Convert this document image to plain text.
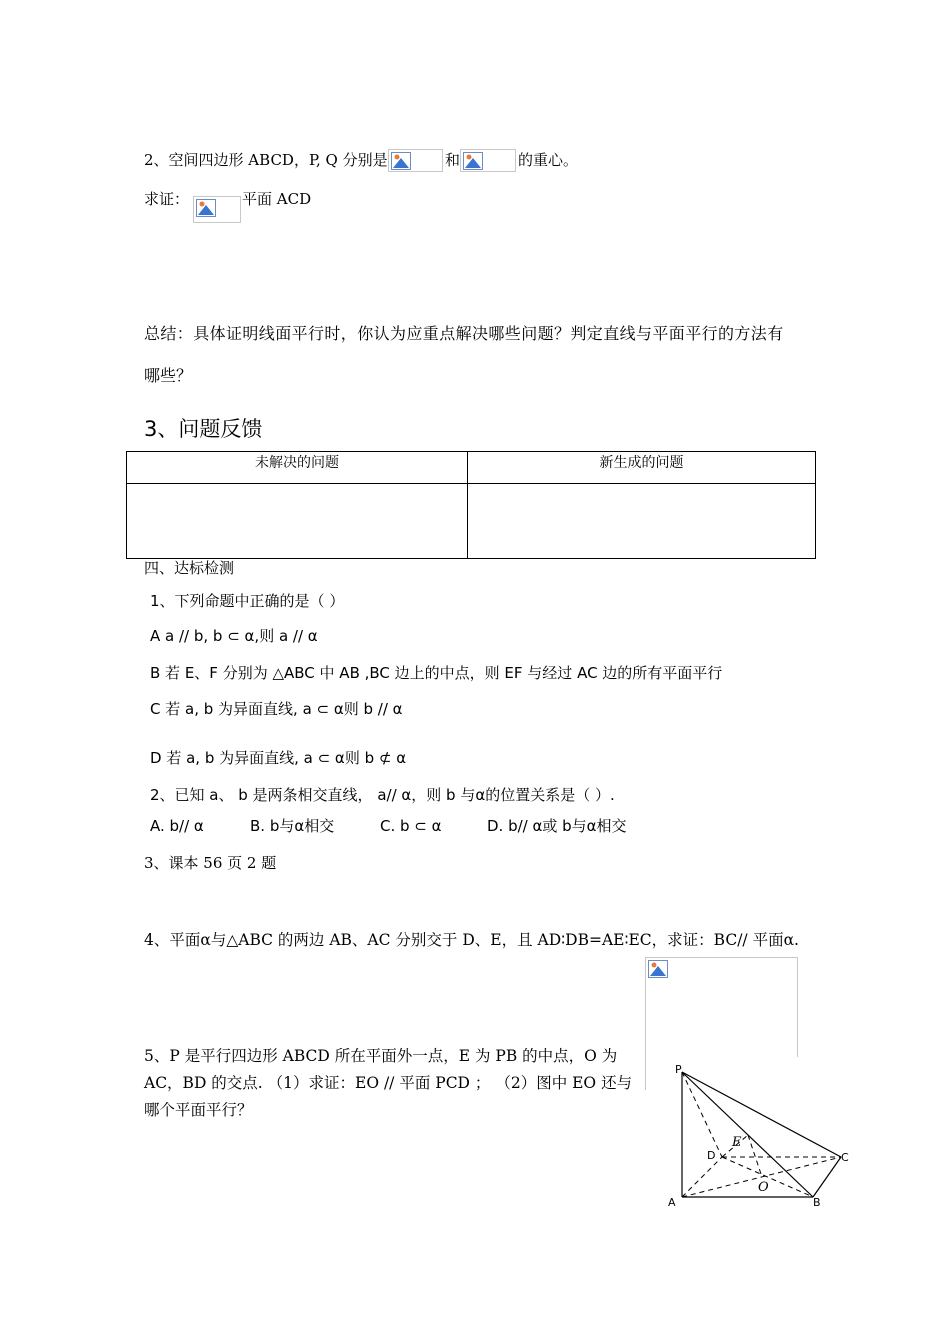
2、空间四边形 ABCD，P, Q 分别是	和	的重心。
求证：	平面 ACD
总结：具体证明线面平行时，你认为应重点解决哪些问题？判定直线与平面平行的方法有
哪些？
3、问题反馈
未解决的问题	新生成的问题

四、达标检测
1、下列命题中正确的是（ ）
A a // b, b ⊂ α,则 a // α
B 若 E、F 分别为 △ABC 中 AB ,BC 边上的中点，则 EF 与经过 AC 边的所有平面平行
C 若 a, b 为异面直线, a ⊂ α则 b // α
D 若 a, b 为异面直线, a ⊂ α则 b ⊄ α
2、已知 a、 b 是两条相交直线， a// α，则 b 与α的位置关系是（ ）.
A. b// α	B. b与α相交	C. b ⊂ α	D. b// α或 b与α相交
3、课本 56 页 2 题
4、平面α与△ABC 的两边 AB、AC 分别交于 D、E，且 AD∶DB=AE∶EC，求证：BC// 平面α.
5、P 是平行四边形 ABCD 所在平面外一点，E 为 PB 的中点，O 为
AC，BD 的交点. （1）求证：EO // 平面 PCD ； （2）图中 EO 还与
哪个平面平行？
P
A	B
C
D
E
O
